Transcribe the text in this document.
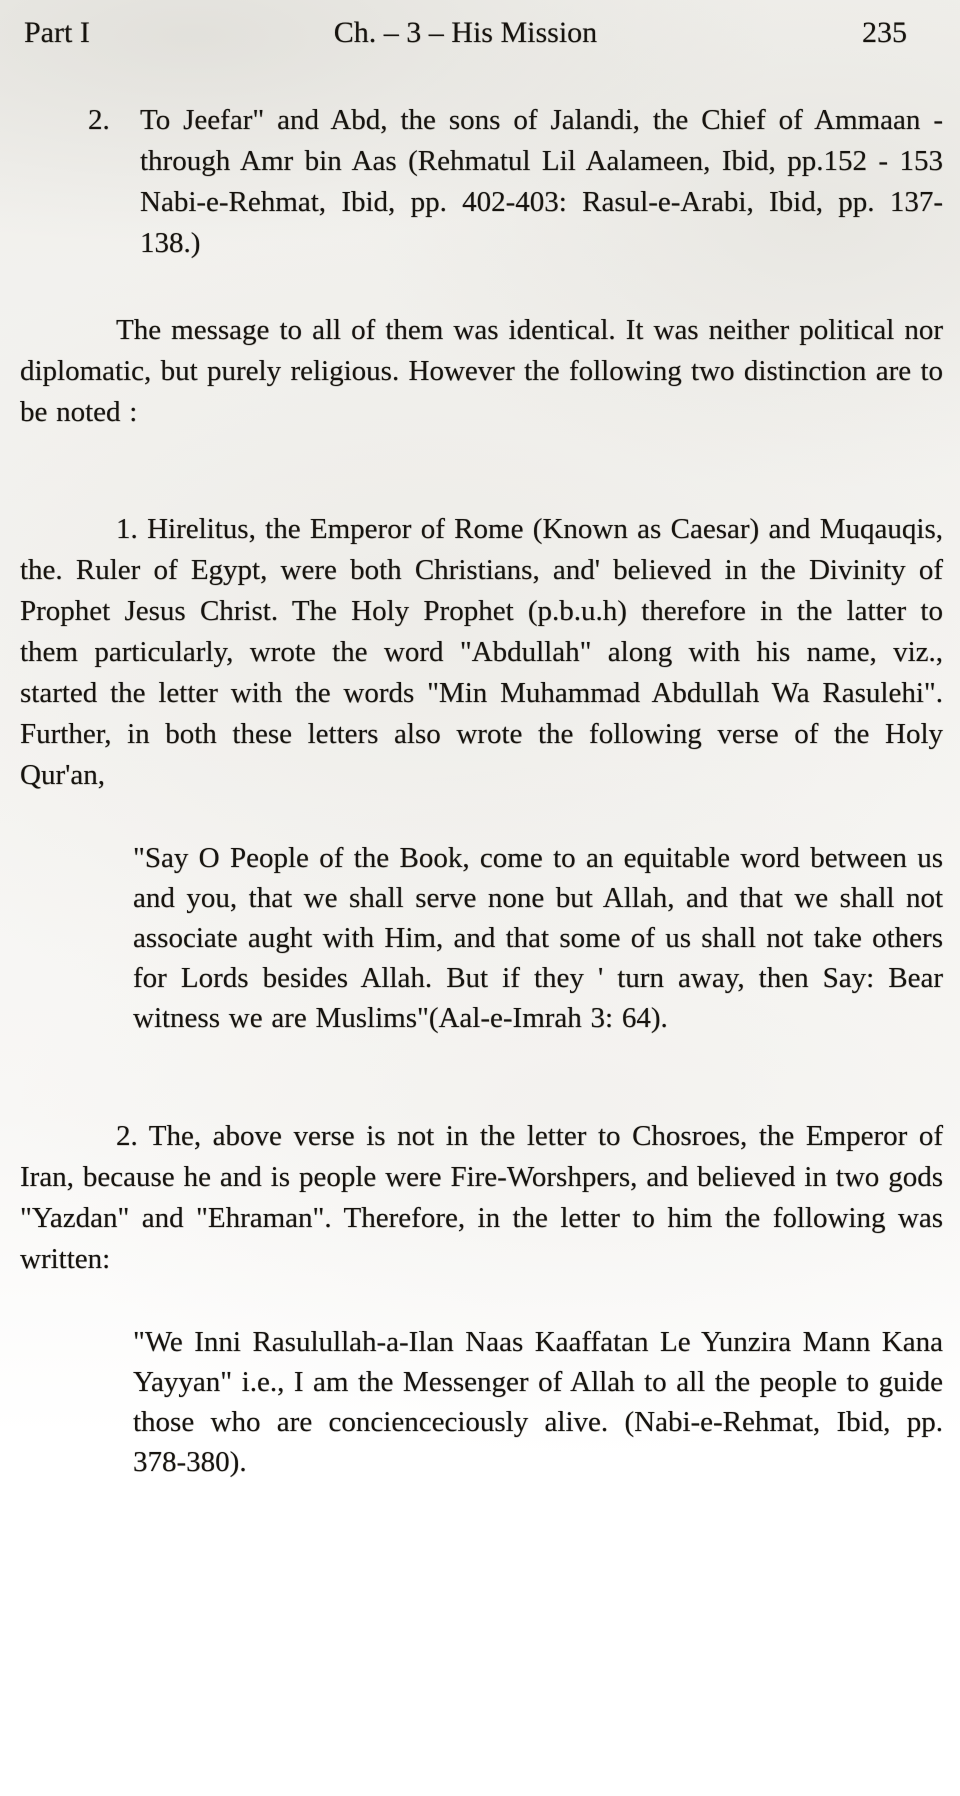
Part I	Ch. – 3 – His Mission	235
2. To Jeefar" and Abd, the sons of Jalandi, the Chief of Ammaan - through Amr bin Aas (Rehmatul Lil Aalameen, Ibid, pp.152 - 153 Nabi-e-Rehmat, Ibid, pp. 402-403: Rasul-e-Arabi, Ibid, pp. 137-138.)

The message to all of them was identical. It was neither political nor diplomatic, but purely religious. However the following two distinction are to be noted :

1. Hirelitus, the Emperor of Rome (Known as Caesar) and Muqauqis, the. Ruler of Egypt, were both Christians, and' believed in the Divinity of Prophet Jesus Christ. The Holy Prophet (p.b.u.h) therefore in the latter to them particularly, wrote the word "Abdullah" along with his name, viz., started the letter with the words "Min Muhammad Abdullah Wa Rasulehi". Further, in both these letters also wrote the following verse of the Holy Qur'an,

"Say O People of the Book, come to an equitable word between us and you, that we shall serve none but Allah, and that we shall not associate aught with Him, and that some of us shall not take others for Lords besides Allah. But if they ' turn away, then Say: Bear witness we are Muslims"(Aal-e-Imrah 3: 64).

2. The, above verse is not in the letter to Chosroes, the Emperor of Iran, because he and is people were Fire-Worshpers, and believed in two gods "Yazdan" and "Ehraman". Therefore, in the letter to him the following was written:

"We Inni Rasulullah-a-Ilan Naas Kaaffatan Le Yunzira Mann Kana Yayyan" i.e., I am the Messenger of Allah to all the people to guide those who are concienceciously alive. (Nabi-e-Rehmat, Ibid, pp. 378-380).
